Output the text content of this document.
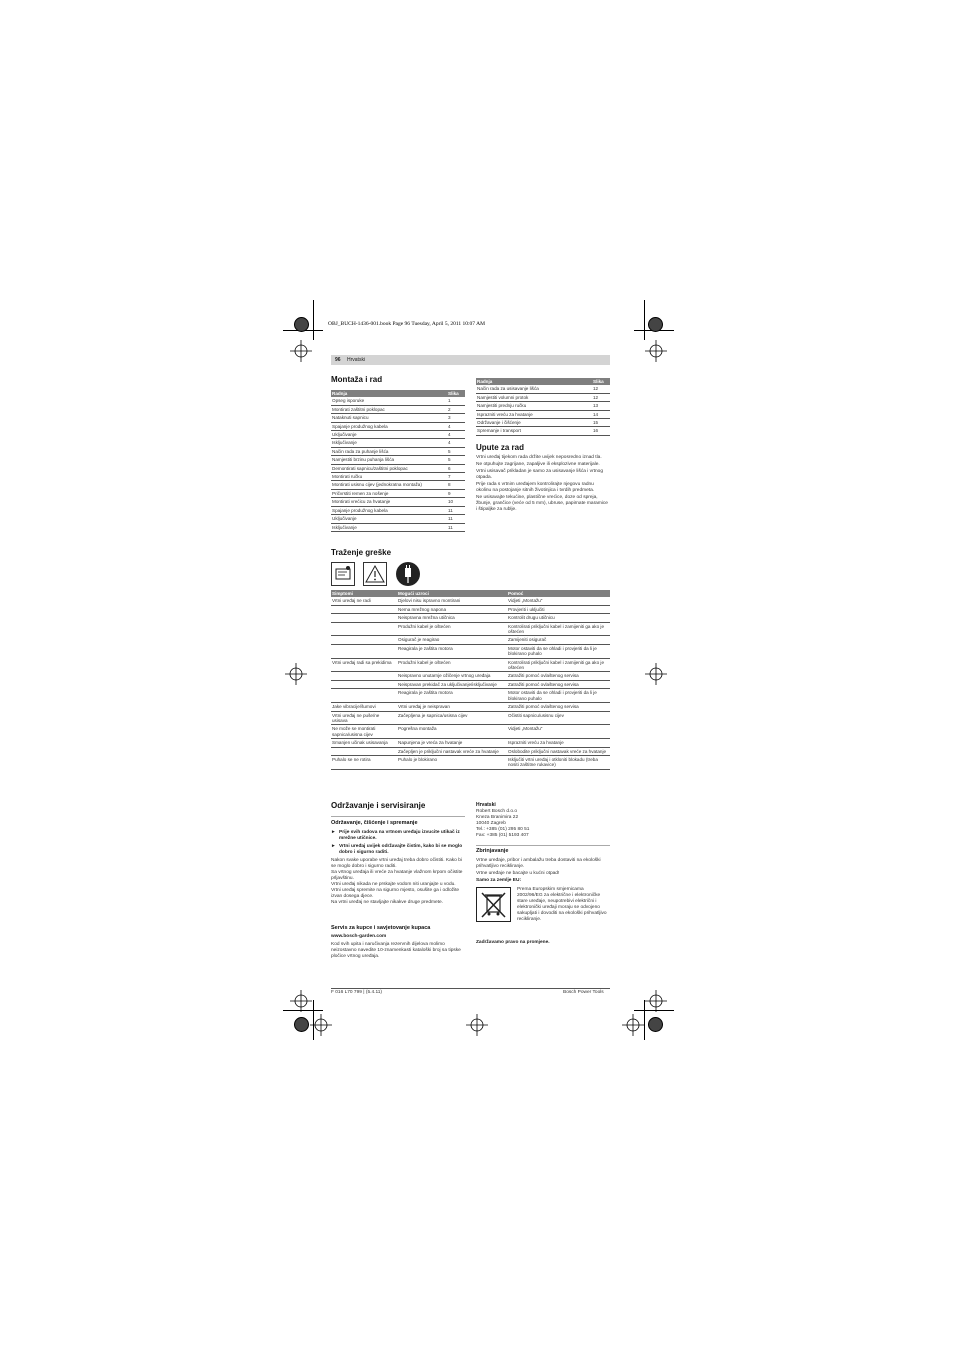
OBJ_BUCH-1436-001.book Page 96 Tuesday, April 5, 2011 10:07 AM
96 Hrvatski
Montaža i rad
Radnja	Slika
Opseg isporuke	1
Montirati zaštitni poklopac	2
Nataknuti sapnicu	3
Spajanje produžnog kabela	4
Uključivanje	4
Isključivanje	4
Način rada za puhanje lišća	5
Namjestiti brzinu puhanja lišća	5
Demontirati sapnicu/zaštitni poklopac	6
Montirati ručku	7
Montirati usisnu cijev (jednokratna montaža)	8
Pričvrstiti remen za nošenje	9
Montirati vrećicu za hvatanje	10
Spajanje produžnog kabela	11
Uključivanje	11
Isključivanje	11
Radnja	Slika
Način rada za usisavanje lišća	12
Namjestiti volumni protok	12
Namjestiti prednju ručku	13
Isprazniti vreću za hvatanje	14
Održavanje i čišćenje	15
Spremanje i transport	16
Upute za rad
Vrtni uređaj tijekom rada držite uvijek neposredno iznad tla.
Ne otpuhujte zagrijane, zapaljive ili eksplozivne materijale.
Vrtni usisavač prikladan je samo za usisavanje lišća i vrtnog otpada.
Prije rada s vrtnim uređajem kontrolirajte njegovu radnu okolinu na postojanje sitnih životinjica i tvrdih predmeta.
Ne usisavajte tekućine, plastične vrećice, doze od spreja, žbunje, grančice (veće od 5 mm), ubruse, papirnate maramice i štipaljke za rublje.
Traženje greške

Simptomi	Mogući uzroci	Pomoć
Vrtni uređaj ne radi	Djelovi nisu ispravno montirani	Vidjeti „Montažu“
	Nema mrežnog napona	Provjeriti i uključiti
	Neispravna mrežna utičnica	Kontrolit drugu utičnicu
	Produžni kabel je oštećen	Kontrolirati priključni kabel i zamijeniti ga ako je oštećen
	Osigurač je reagirao	Zamijeniti osigurač
	Reagirala je zaštita motora	Motor ostaviti da se ohladi i provjeriti da li je blokirano puhalo
Vrtni uređaj radi sa prekidima	Produžni kabel je oštećen	Kontrolirati priključni kabel i zamijeniti ga ako je oštećen
	Neispravno unutarnje ožičenje vrtnog uređaja	Zatražiti pomoć ovlaštenog servisa
	Neispravan prekidač za uključivanje/isključivanje	Zatražiti pomoć ovlaštenog servisa
	Reagirala je zaštita motora	Motor ostaviti da se ohladi i provjeriti da li je blokirano puhalo
Jake vibracije/šumovi	Vrtni uređaj je neispravan	Zatražiti pomoć ovlaštenog servisa
Vrtni uređaj ne puše/ne usisava	Začepljena je sapnica/usisna cijev	Očistiti sapnicu/usisnu cijev
Ne može se montirati sapnica/usisna cijev	Pogrešna montaža	Vidjeti „Montažu“
Smanjen učinak usisavanja	Napunjena je vreća za hvatanje	Isprazniti vreću za hvatanje
	Začepljen je priključni nastavak vreće za hvatanje	Oslobodite priključni nastavak vreće za hvatanje
Puhalo se ne rotira	Puhalo je blokirano	Isključiti vrtni uređaj i otkloniti blokadu (treba nositi zaštitne rukavice)
Održavanje i servisiranje
Održavanje, čišćenje i spremanje
► Prije svih radova na vrtnom uređaju izvucite utikač iz mrežne utičnice.
► Vrtni uređaj uvijek održavajte čistim, kako bi se moglo dobro i sigurno raditi.
Nakon svake uporabe vrtni uređaj treba dobro očistiti. Kako bi se moglo dobro i sigurno raditi.
Sa vrtnog uređaja ili vreće za hvatanje vlažnom krpom očistite prljavštinu.
Vrtni uređaj nikada ne prskajte vodom niti uranjajte u vodu.
Vrtni uređaj spremite na sigurno mjesto, osušite ga i odložite izvan dosega djece.
Na vrtni uređaj ne stavljajte nikakve druge predmete.
Servis za kupce i savjetovanje kupaca
www.bosch-garden.com
Kod svih upita i naručivanja rezervnih dijelova molimo neizostavno navedite 10-znamenkasti kataloški broj sa tipske pločice vrtnog uređaja.
Hrvatski
Robert Bosch d.o.o
Kneza Branimira 22
10040 Zagreb
Tel.: +385 (01) 295 80 51
Fax: +385 (01) 5193 407
Zbrinjavanje
Vrtne uređaje, pribor i ambalažu treba dostaviti na ekološki prihvatljivo recikliranje.
Vrtne uređaje ne bacajte u kućni otpad!
Samo za zemlje EU:
Prema Europskim smjernicama 2002/96/EG za električne i elektroničke stare uređaje, neupotrebivi električni i elektronički uređaji moraju se odvojeno sakupljati i dovoditi na ekološki prihvatljivo recikliranje.
Zadržavamo pravo na promjene.
F 016 L70 799 | (5.4.11)	Bosch Power Tools
